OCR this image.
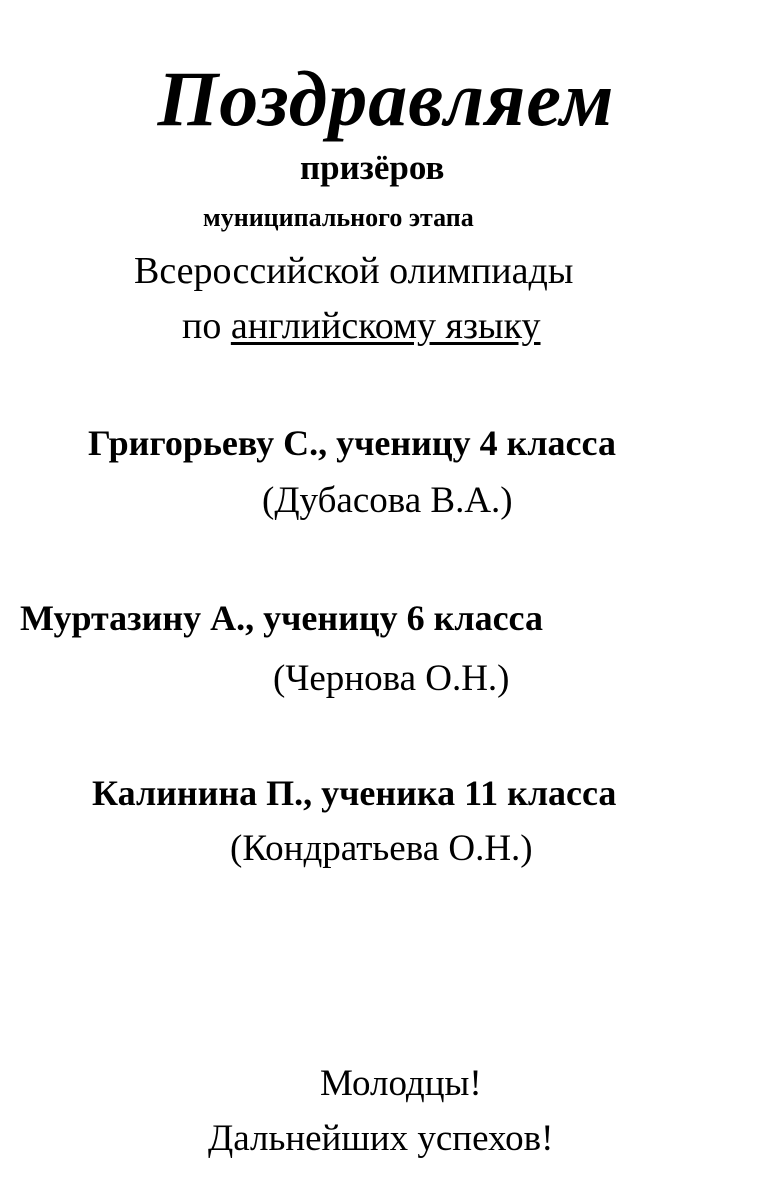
Поздравляем
призёров
муниципального этапа
Всероссийской олимпиады
по английскому языку
Григорьеву С., ученицу 4 класса
(Дубасова В.А.)
Муртазину А., ученицу 6 класса
(Чернова О.Н.)
Калинина П., ученика 11 класса
(Кондратьева О.Н.)
Молодцы!
Дальнейших успехов!
